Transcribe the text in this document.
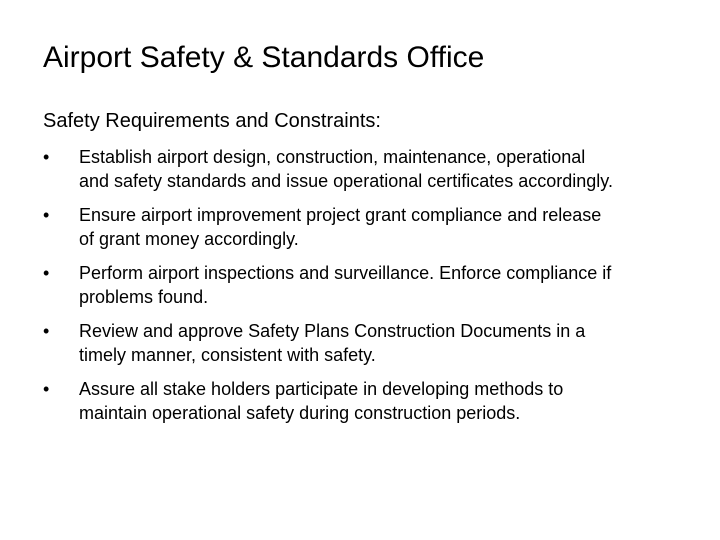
Airport Safety & Standards Office
Safety Requirements and Constraints:
• Establish airport design, construction, maintenance, operational
and safety standards and issue operational certificates accordingly.
• Ensure airport improvement project grant compliance and release
of grant money accordingly.
• Perform airport inspections and surveillance. Enforce compliance if
problems found.
• Review and approve Safety Plans Construction Documents in a
timely manner, consistent with safety.
• Assure all stake holders participate in developing methods to
maintain operational safety during construction periods.
